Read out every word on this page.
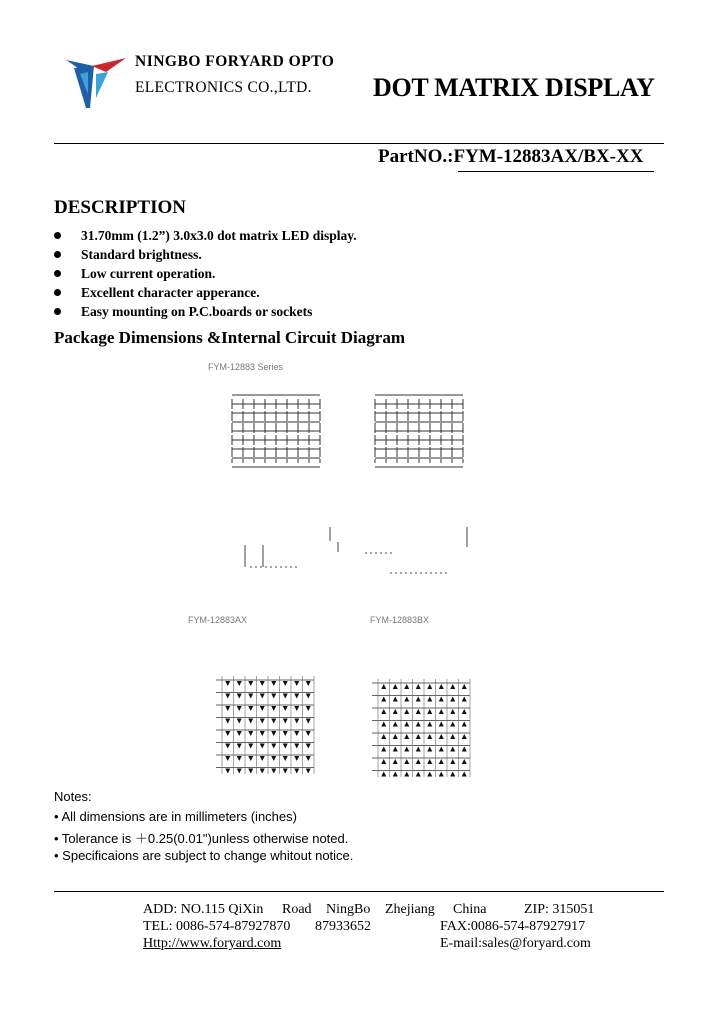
NINGBO FORYARD OPTO
ELECTRONICS CO.,LTD. DOT MATRIX DISPLAY
PartNO.:FYM-12883AX/BX-XX
DESCRIPTION
31.70mm (1.2”) 3.0x3.0 dot matrix LED display.
Standard brightness.
Low current operation.
Excellent character apperance.
Easy mounting on P.C.boards or sockets
Package Dimensions &Internal Circuit Diagram
FYM-12883 Series
FYM-12883AX	FYM-12883BX
Notes:
• All dimensions are in millimeters (inches)
• Tolerance is ＋0.25(0.01")unless otherwise noted.
• Specificaions are subject to change whitout notice.
ADD: NO.115 QiXin Road NingBo Zhejiang China	ZIP: 315051
TEL: 0086-574-87927870 87933652	FAX:0086-574-87927917
Http://www.foryard.com	E-mail:sales@foryard.com
